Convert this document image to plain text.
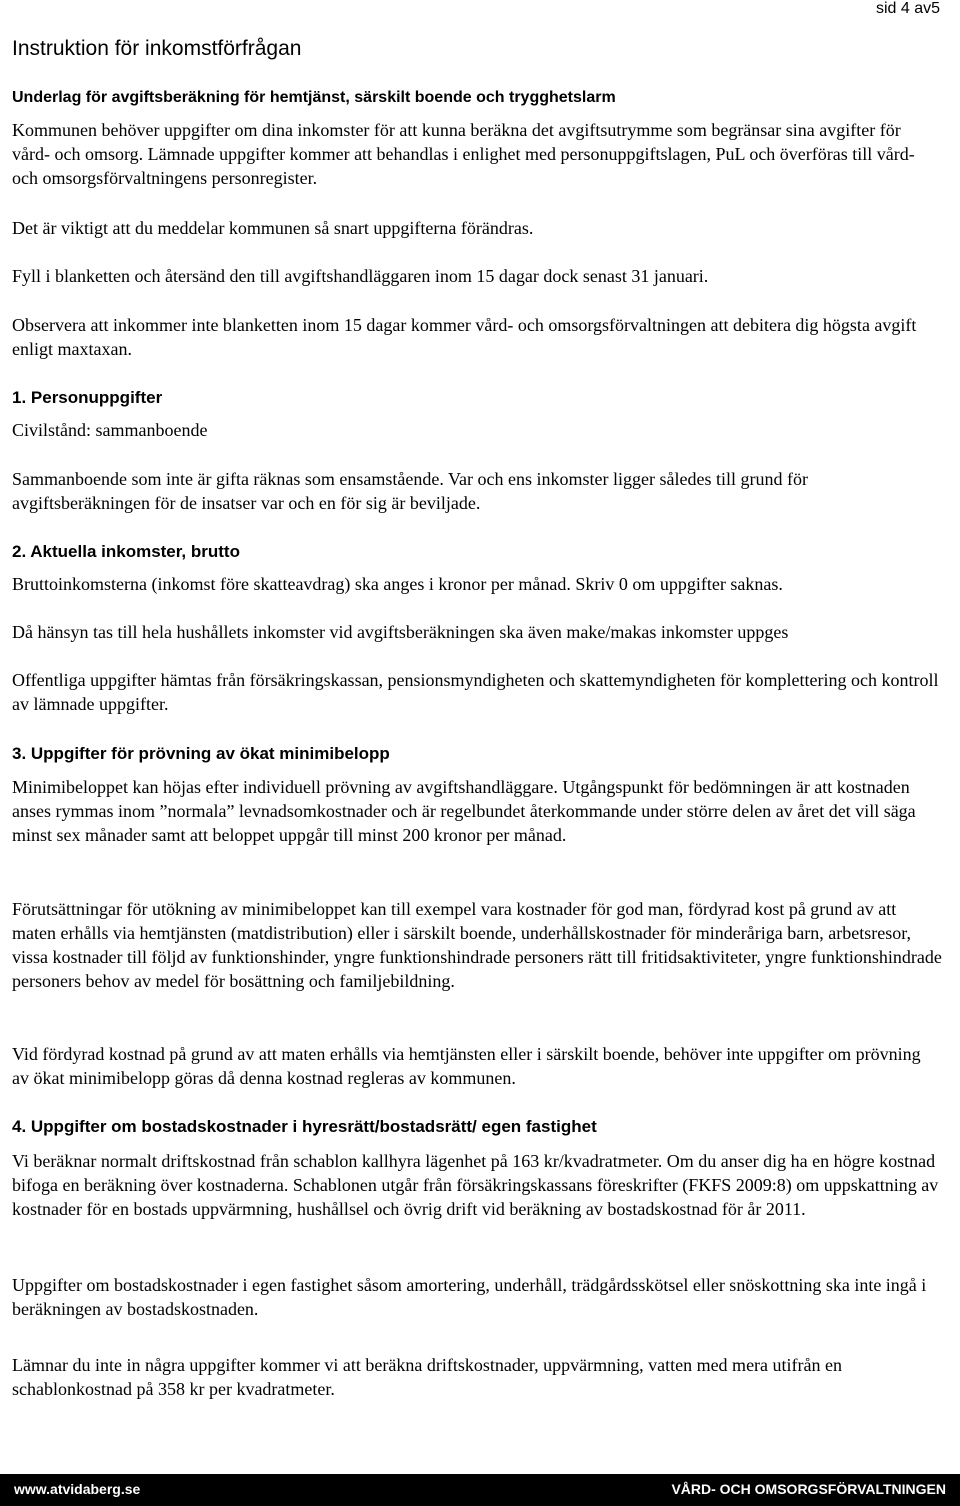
sid 4 av5
Instruktion för inkomstförfrågan
Underlag för avgiftsberäkning för hemtjänst, särskilt boende och trygghetslarm

Kommunen behöver uppgifter om dina inkomster för att kunna beräkna det avgiftsutrymme som begränsar sina avgifter för vård- och omsorg. Lämnade uppgifter kommer att behandlas i enlighet med personuppgiftslagen, PuL och överföras till vård- och omsorgsförvaltningens personregister.

Det är viktigt att du meddelar kommunen så snart uppgifterna förändras.

Fyll i blanketten och återsänd den till avgiftshandläggaren inom 15 dagar dock senast 31 januari.

Observera att inkommer inte blanketten inom 15 dagar kommer vård- och omsorgsförvaltningen att debitera dig högsta avgift enligt maxtaxan.

1. Personuppgifter

Civilstånd: sammanboende

Sammanboende som inte är gifta räknas som ensamstående. Var och ens inkomster ligger således till grund för avgiftsberäkningen för de insatser var och en för sig är beviljade.

2. Aktuella inkomster, brutto

Bruttoinkomsterna (inkomst före skatteavdrag) ska anges i kronor per månad. Skriv 0 om uppgifter saknas.

Då hänsyn tas till hela hushållets inkomster vid avgiftsberäkningen ska även make/makas inkomster uppges

Offentliga uppgifter hämtas från försäkringskassan, pensionsmyndigheten och skattemyndigheten för komplettering och kontroll av lämnade uppgifter.

3. Uppgifter för prövning av ökat minimibelopp

Minimibeloppet kan höjas efter individuell prövning av avgiftshandläggare. Utgångspunkt för bedömningen är att kostnaden anses rymmas inom ”normala” levnadsomkostnader och är regelbundet återkommande under större delen av året det vill säga minst sex månader samt att beloppet uppgår till minst 200 kronor per månad.

Förutsättningar för utökning av minimibeloppet kan till exempel vara kostnader för god man, fördyrad kost på grund av att maten erhålls via hemtjänsten (matdistribution) eller i särskilt boende, underhållskostnader för minderåriga barn, arbetsresor, vissa kostnader till följd av funktionshinder, yngre funktionshindrade personers rätt till fritidsaktiviteter, yngre funktionshindrade personers behov av medel för bosättning och familjebildning.

Vid fördyrad kostnad på grund av att maten erhålls via hemtjänsten eller i särskilt boende, behöver inte uppgifter om prövning av ökat minimibelopp göras då denna kostnad regleras av kommunen.

4. Uppgifter om bostadskostnader i hyresrätt/bostadsrätt/ egen fastighet

Vi beräknar normalt driftskostnad från schablon kallhyra lägenhet på 163 kr/kvadratmeter. Om du anser dig ha en högre kostnad bifoga en beräkning över kostnaderna. Schablonen utgår från försäkringskassans föreskrifter (FKFS 2009:8) om uppskattning av kostnader för en bostads uppvärmning, hushållsel och övrig drift vid beräkning av bostadskostnad för år 2011.

Uppgifter om bostadskostnader i egen fastighet såsom amortering, underhåll, trädgårdsskötsel eller snöskottning ska inte ingå i beräkningen av bostadskostnaden.

Lämnar du inte in några uppgifter kommer vi att beräkna driftskostnader, uppvärmning, vatten med mera utifrån en schablonkostnad på 358 kr per kvadratmeter.

www.atvidaberg.se	VÅRD- OCH OMSORGSFÖRVALTNINGEN
